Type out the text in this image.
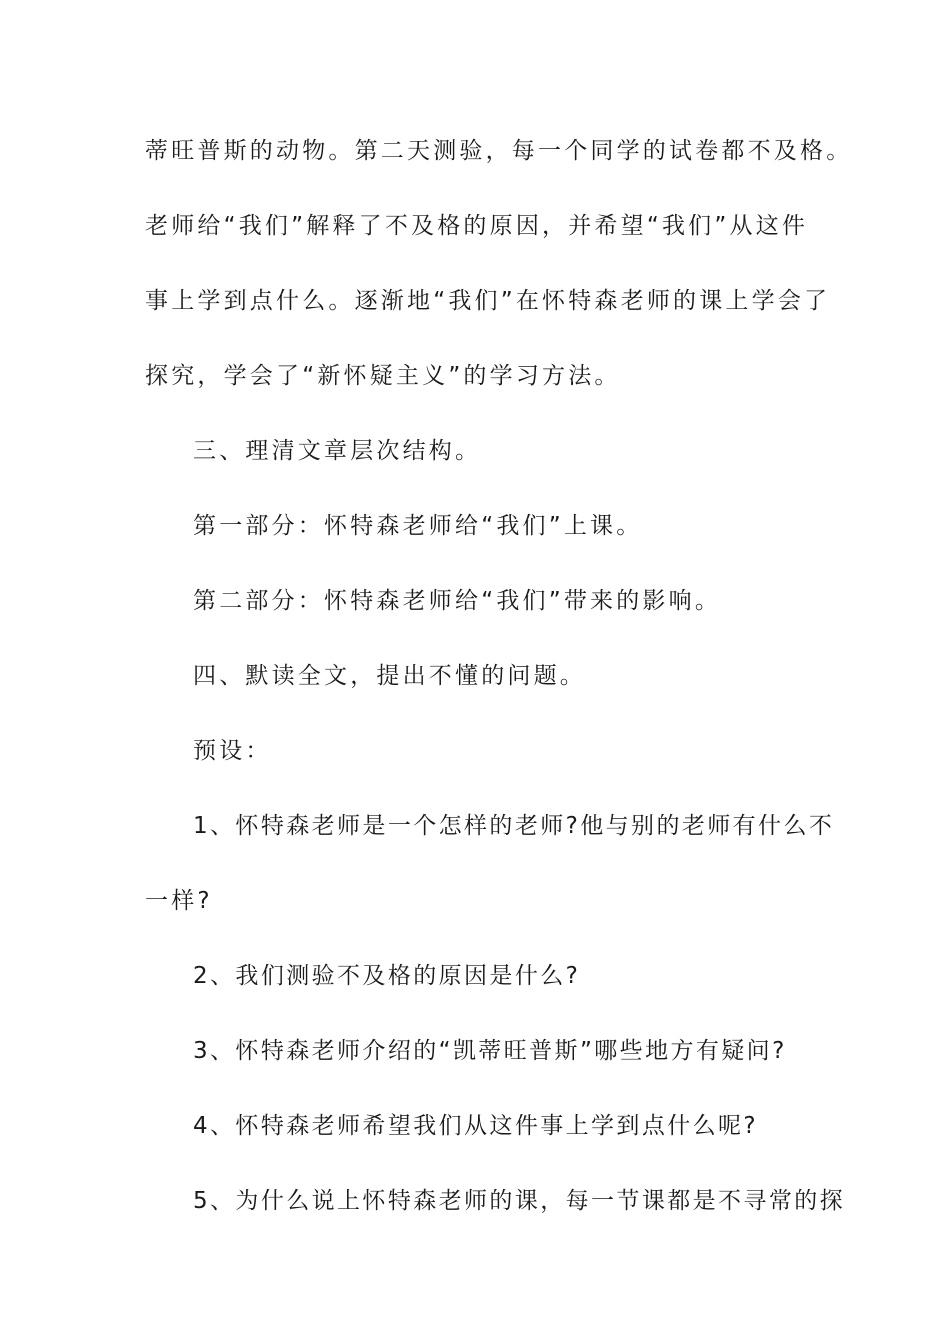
蒂旺普斯的动物。第二天测验，每一个同学的试卷都不及格。
老师给“我们”解释了不及格的原因，并希望“我们”从这件
事上学到点什么。逐渐地“我们”在怀特森老师的课上学会了
探究，学会了“新怀疑主义”的学习方法。
三、理清文章层次结构。
第一部分：怀特森老师给“我们”上课。
第二部分：怀特森老师给“我们”带来的影响。
四、默读全文，提出不懂的问题。
预设：
1、怀特森老师是一个怎样的老师?他与别的老师有什么不
一样?
2、我们测验不及格的原因是什么?
3、怀特森老师介绍的“凯蒂旺普斯”哪些地方有疑问?
4、怀特森老师希望我们从这件事上学到点什么呢?
5、为什么说上怀特森老师的课，每一节课都是不寻常的探
